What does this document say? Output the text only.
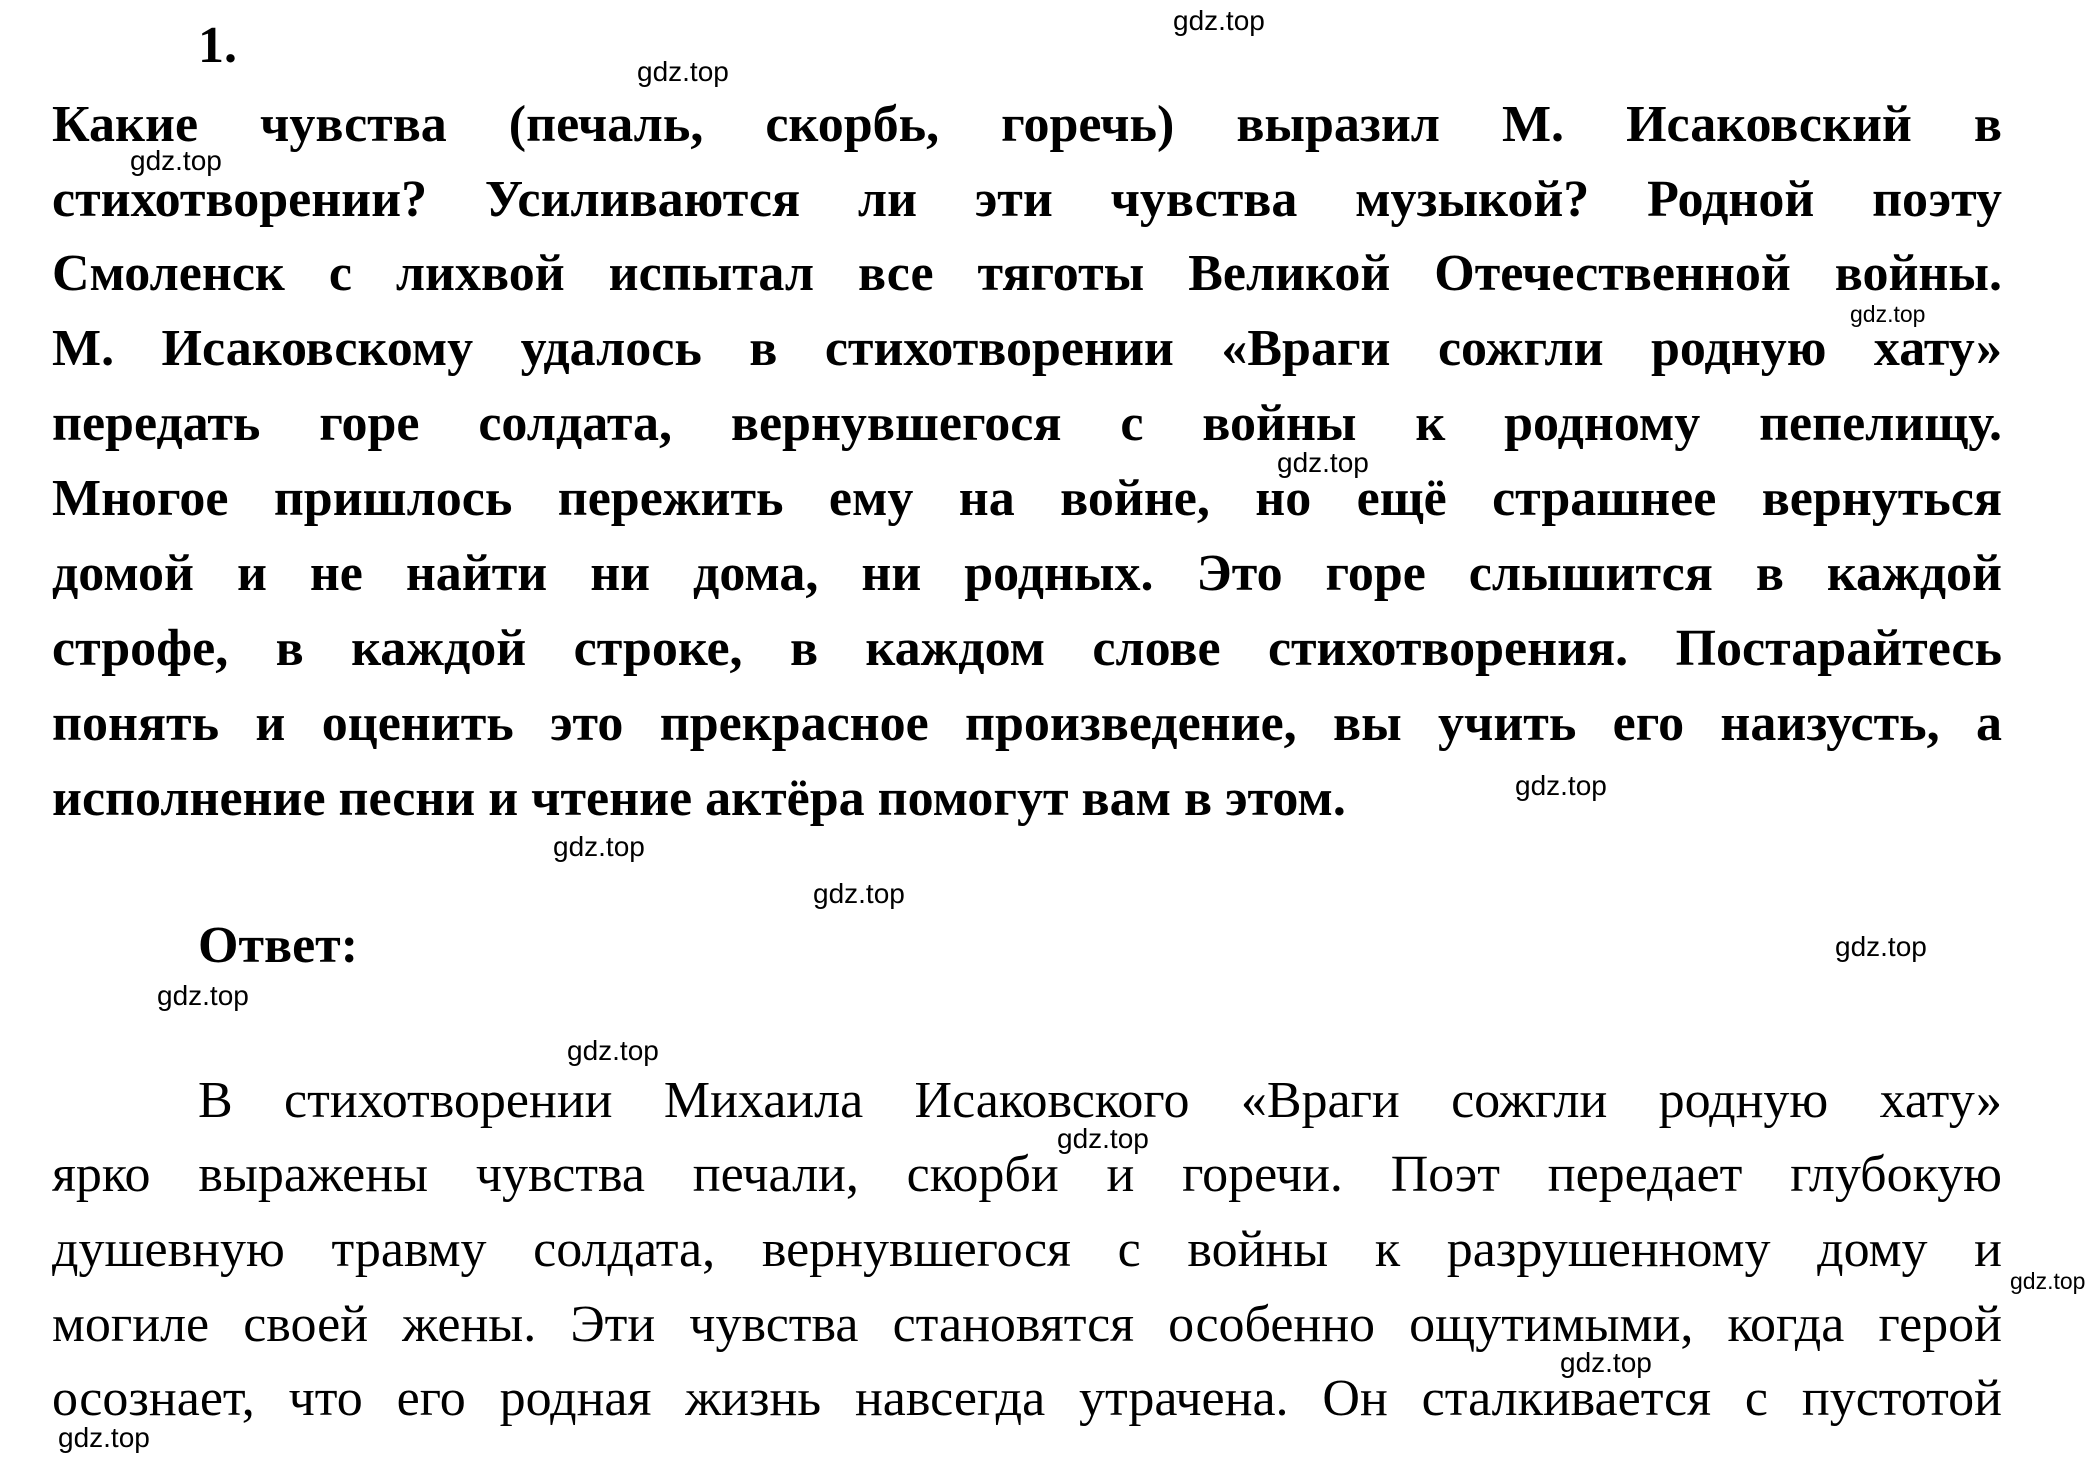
1.
Какие чувства (печаль, скорбь, горечь) выразил М. Исаковский в
стихотворении? Усиливаются ли эти чувства музыкой? Родной поэту
Смоленск с лихвой испытал все тяготы Великой Отечественной войны.
М. Исаковскому удалось в стихотворении «Враги сожгли родную хату»
передать горе солдата, вернувшегося с войны к родному пепелищу.
Многое пришлось пережить ему на войне, но ещё страшнее вернуться
домой и не найти ни дома, ни родных. Это горе слышится в каждой
строфе, в каждой строке, в каждом слове стихотворения. Постарайтесь
понять и оценить это прекрасное произведение, вы учить его наизусть, а
исполнение песни и чтение актёра помогут вам в этом.
Ответ:
В стихотворении Михаила Исаковского «Враги сожгли родную хату»
ярко выражены чувства печали, скорби и горечи. Поэт передает глубокую
душевную травму солдата, вернувшегося с войны к разрушенному дому и
могиле своей жены. Эти чувства становятся особенно ощутимыми, когда герой
осознает, что его родная жизнь навсегда утрачена. Он сталкивается с пустотой
gdz.top
gdz.top
gdz.top
gdz.top
gdz.top
gdz.top
gdz.top
gdz.top
gdz.top
gdz.top
gdz.top
gdz.top
gdz.top
gdz.top
gdz.top
